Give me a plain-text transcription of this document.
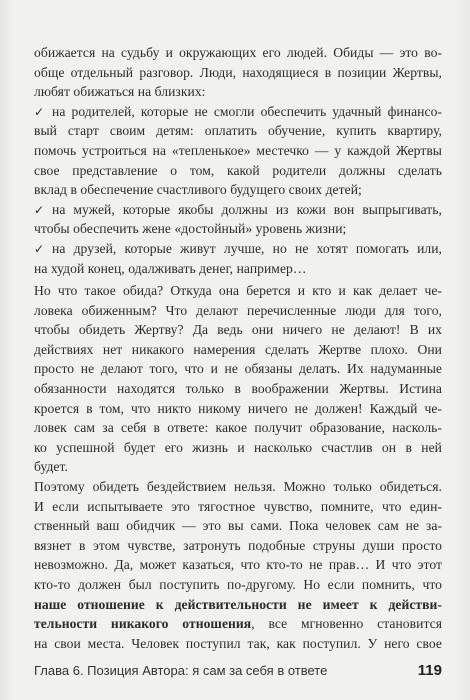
обижается на судьбу и окружающих его людей. Обиды — это во-
обще отдельный разговор. Люди, находящиеся в позиции Жертвы,
любят обижаться на близких:
✓ на родителей, которые не смогли обеспечить удачный финансо-
вый старт своим детям: оплатить обучение, купить квартиру,
помочь устроиться на «тепленькое» местечко — у каждой Жертвы
свое представление о том, какой родители должны сделать
вклад в обеспечение счастливого будущего своих детей;
✓ на мужей, которые якобы должны из кожи вон выпрыгивать,
чтобы обеспечить жене «достойный» уровень жизни;
✓ на друзей, которые живут лучше, но не хотят помогать или,
на худой конец, одалживать денег, например…
Но что такое обида? Откуда она берется и кто и как делает че-
ловека обиженным? Что делают перечисленные люди для того,
чтобы обидеть Жертву? Да ведь они ничего не делают! В их
действиях нет никакого намерения сделать Жертве плохо. Они
просто не делают того, что и не обязаны делать. Их надуманные
обязанности находятся только в воображении Жертвы. Истина
кроется в том, что никто никому ничего не должен! Каждый че-
ловек сам за себя в ответе: какое получит образование, насколь-
ко успешной будет его жизнь и насколько счастлив он в ней
будет.
Поэтому обидеть бездействием нельзя. Можно только обидеться.
И если испытываете это тягостное чувство, помните, что един-
ственный ваш обидчик — это вы сами. Пока человек сам не за-
вязнет в этом чувстве, затронуть подобные струны души просто
невозможно. Да, может казаться, что кто-то не прав… И что этот
кто-то должен был поступить по-другому. Но если помнить, что
наше отношение к действительности не имеет к действи-
тельности никакого отношения, все мгновенно становится
на свои места. Человек поступил так, как поступил. У него свое
Глава 6. Позиция Автора: я сам за себя в ответе	119
